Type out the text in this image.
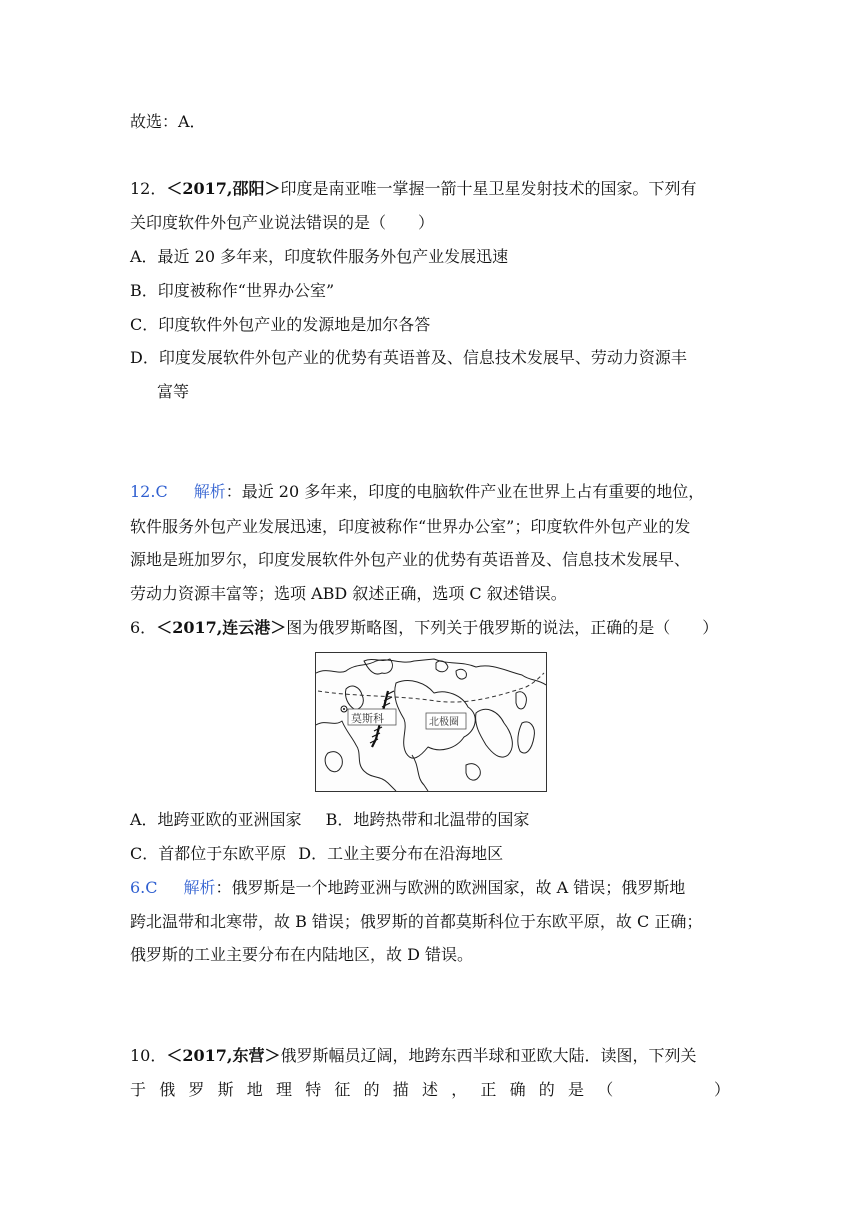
故选：A．
12．＜2017,邵阳＞印度是南亚唯一掌握一箭十星卫星发射技术的国家。下列有
关印度软件外包产业说法错误的是（　　）
A．最近 20 多年来，印度软件服务外包产业发展迅速
B．印度被称作“世界办公室”
C．印度软件外包产业的发源地是加尔各答
D．印度发展软件外包产业的优势有英语普及、信息技术发展早、劳动力资源丰
富等
12.C 解析：最近 20 多年来，印度的电脑软件产业在世界上占有重要的地位，
软件服务外包产业发展迅速，印度被称作“世界办公室”；印度软件外包产业的发
源地是班加罗尔，印度发展软件外包产业的优势有英语普及、信息技术发展早、
劳动力资源丰富等；选项 ABD 叙述正确，选项 C 叙述错误。
6．＜2017,连云港＞图为俄罗斯略图，下列关于俄罗斯的说法，正确的是（　　）
莫斯科	北极圈
A．地跨亚欧的亚洲国家 B．地跨热带和北温带的国家
C．首都位于东欧平原 D．工业主要分布在沿海地区
6.C 解析：俄罗斯是一个地跨亚洲与欧洲的欧洲国家，故 A 错误；俄罗斯地
跨北温带和北寒带，故 B 错误；俄罗斯的首都莫斯科位于东欧平原，故 C 正确；
俄罗斯的工业主要分布在内陆地区，故 D 错误。
10．＜2017,东营＞俄罗斯幅员辽阔，地跨东西半球和亚欧大陆．读图，下列关
于俄罗斯地理特征的描述，正确的是（　　　）
